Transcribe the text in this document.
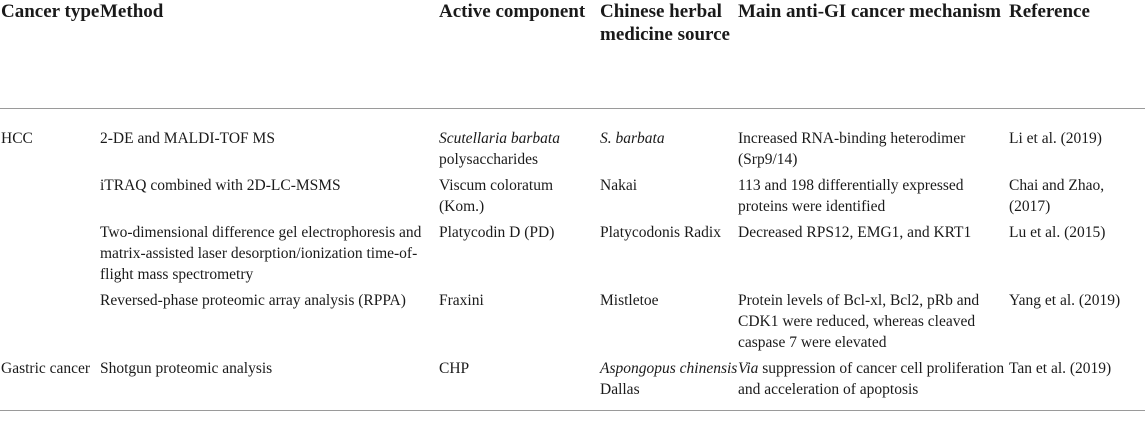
Cancer type	Method	Active component	Chinese herbal medicine source	Main anti-GI cancer mechanism	Reference
HCC	2-DE and MALDI-TOF MS	Scutellaria barbata polysaccharides	S. barbata	Increased RNA-binding heterodimer (Srp9/14)	Li et al. (2019)
	iTRAQ combined with 2D-LC-MSMS	Viscum coloratum (Kom.)	Nakai	113 and 198 differentially expressed proteins were identified	Chai and Zhao, (2017)
	Two-dimensional difference gel electrophoresis and matrix-assisted laser desorption/ionization time-of-flight mass spectrometry	Platycodin D (PD)	Platycodonis Radix	Decreased RPS12, EMG1, and KRT1	Lu et al. (2015)
	Reversed-phase proteomic array analysis (RPPA)	Fraxini	Mistletoe	Protein levels of Bcl-xl, Bcl2, pRb and CDK1 were reduced, whereas cleaved caspase 7 were elevated	Yang et al. (2019)
Gastric cancer	Shotgun proteomic analysis	CHP	Aspongopus chinensis Dallas	Via suppression of cancer cell proliferation and acceleration of apoptosis	Tan et al. (2019)
